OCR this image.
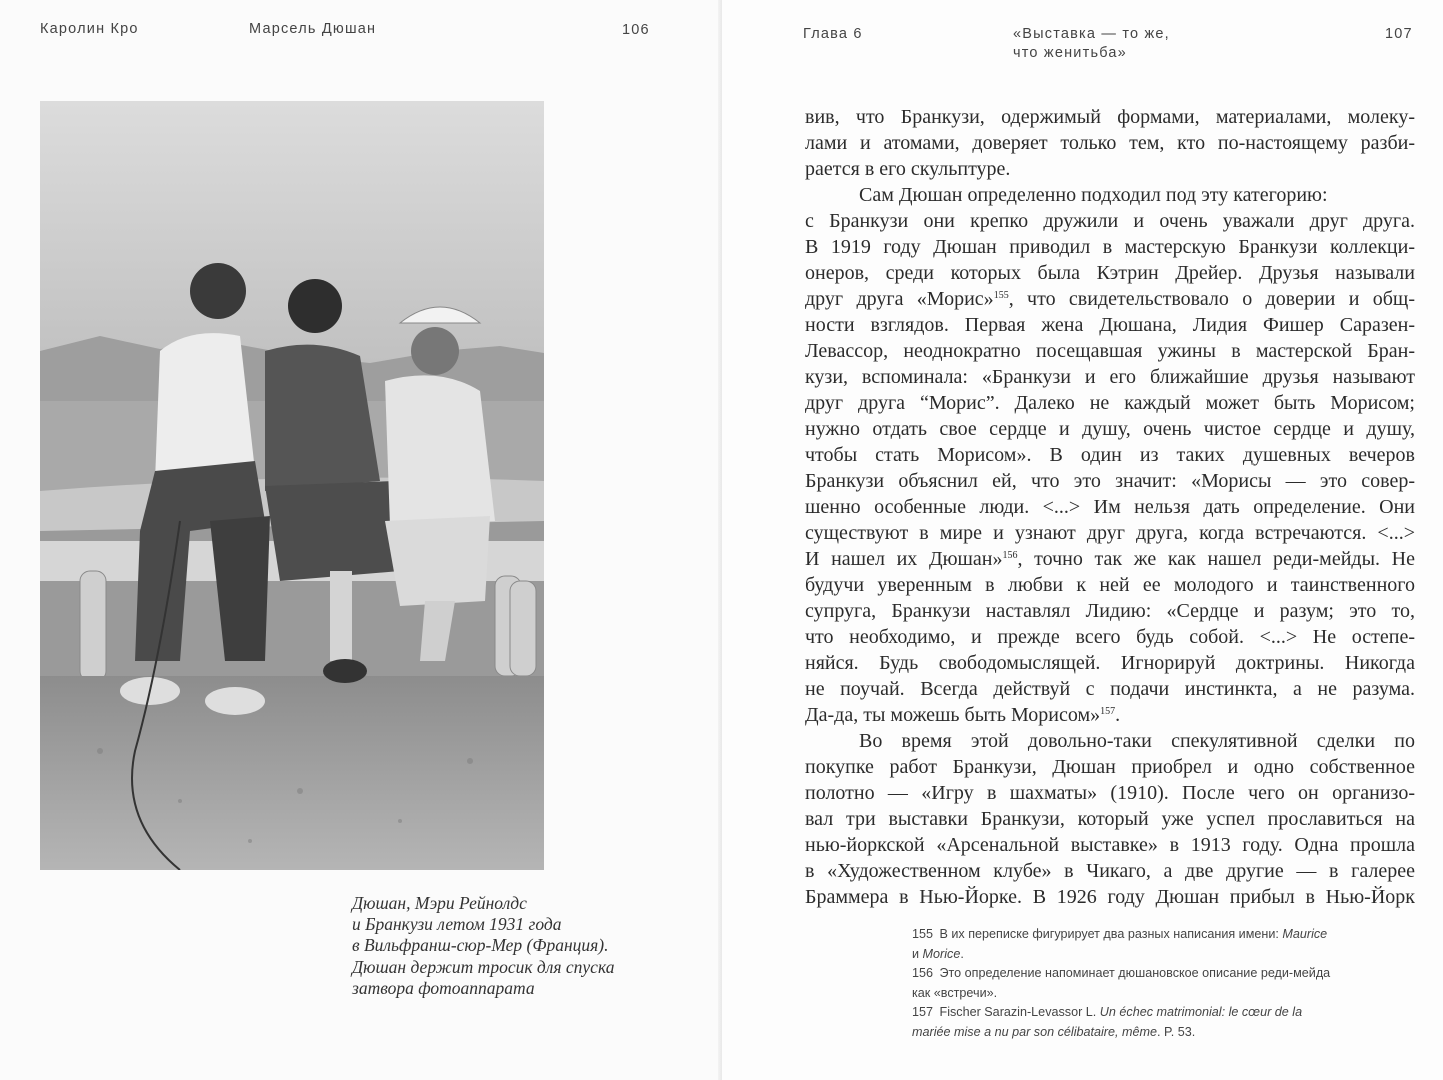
Каролин Кро	Марсель Дюшан	106
Дюшан, Мэри Рейнолдс
и Бранкузи летом 1931 года
в Вильфранш-сюр-Мер (Франция).
Дюшан держит тросик для спуска
затвора фотоаппарата
Глава 6	«Выставка — то же,
что женитьба»
107
вив, что Бранкузи, одержимый формами, материалами, молеку-
лами и атомами, доверяет только тем, кто по-настоящему разби-
рается в его скульптуре.
Сам Дюшан определенно подходил под эту категорию:
с Бранкузи они крепко дружили и очень уважали друг друга.
В 1919 году Дюшан приводил в мастерскую Бранкузи коллекци-
онеров, среди которых была Кэтрин Дрейер. Друзья называли
друг друга «Морис»$^{155}$, что свидетельствовало о доверии и общ-
ности взглядов. Первая жена Дюшана, Лидия Фишер Саразен-
Левассор, неоднократно посещавшая ужины в мастерской Бран-
кузи, вспоминала: «Бранкузи и его ближайшие друзья называют
друг друга “Морис”. Далеко не каждый может быть Морисом;
нужно отдать свое сердце и душу, очень чистое сердце и душу,
чтобы стать Морисом». В один из таких душевных вечеров
Бранкузи объяснил ей, что это значит: «Морисы — это совер-
шенно особенные люди. <...> Им нельзя дать определение. Они
существуют в мире и узнают друг друга, когда встречаются. <...>
И нашел их Дюшан»$^{156}$, точно так же как нашел реди-мейды. Не
будучи уверенным в любви к ней ее молодого и таинственного
супруга, Бранкузи наставлял Лидию: «Сердце и разум; это то,
что необходимо, и прежде всего будь собой. <...> Не остепе-
няйся. Будь свободомыслящей. Игнорируй доктрины. Никогда
не поучай. Всегда действуй с подачи инстинкта, а не разума.
Да-да, ты можешь быть Морисом»$^{157}$.
Во время этой довольно-таки спекулятивной сделки по
покупке работ Бранкузи, Дюшан приобрел и одно собственное
полотно — «Игру в шахматы» (1910). После чего он организо-
вал три выставки Бранкузи, который уже успел прославиться на
нью-йоркской «Арсенальной выставке» в 1913 году. Одна прошла
в «Художественном клубе» в Чикаго, а две другие — в галерее
Браммера в Нью-Йорке. В 1926 году Дюшан прибыл в Нью-Йорк
155 В их переписке фигурирует два разных написания имени: Maurice
и Morice.
156 Это определение напоминает дюшановское описание реди-мейда
как «встречи».
157 Fischer Sarazin-Levassor L. Un échec matrimonial: le cœur de la
mariée mise a nu par son célibataire, même. P. 53.
